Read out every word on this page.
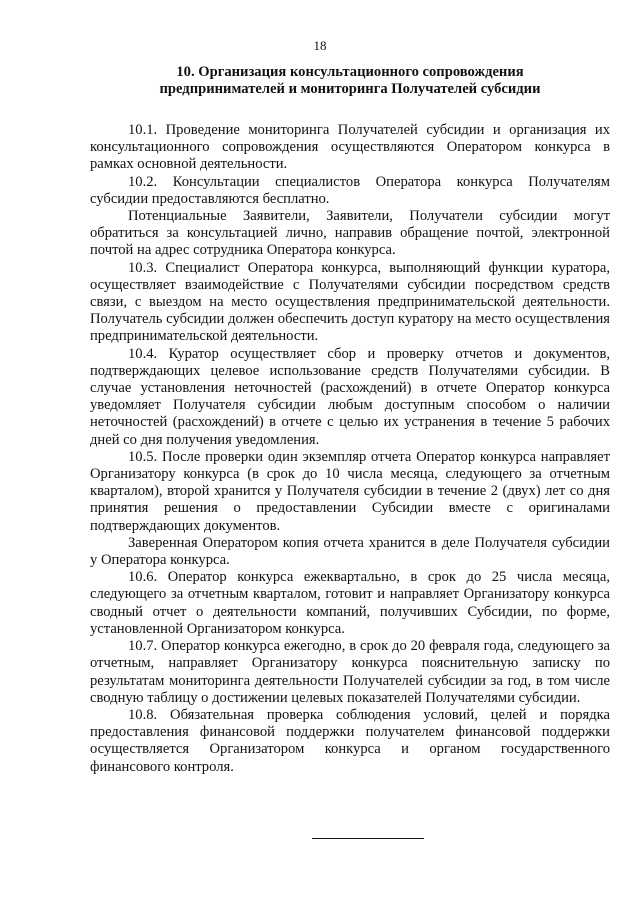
18
10. Организация консультационного сопровождения
предпринимателей и мониторинга Получателей субсидии

10.1. Проведение мониторинга Получателей субсидии и организация их консультационного сопровождения осуществляются Оператором конкурса в рамках основной деятельности.

10.2. Консультации специалистов Оператора конкурса Получателям субсидии предоставляются бесплатно.

Потенциальные Заявители, Заявители, Получатели субсидии могут обратиться за консультацией лично, направив обращение почтой, электронной почтой на адрес сотрудника Оператора конкурса.

10.3. Специалист Оператора конкурса, выполняющий функции куратора, осуществляет взаимодействие с Получателями субсидии посредством средств связи, с выездом на место осуществления предпринимательской деятельности. Получатель субсидии должен обеспечить доступ куратору на место осуществления предпринимательской деятельности.

10.4. Куратор осуществляет сбор и проверку отчетов и документов, подтверждающих целевое использование средств Получателями субсидии. В случае установления неточностей (расхождений) в отчете Оператор конкурса уведомляет Получателя субсидии любым доступным способом о наличии неточностей (расхождений) в отчете с целью их устранения в течение 5 рабочих дней со дня получения уведомления.

10.5. После проверки один экземпляр отчета Оператор конкурса направляет Организатору конкурса (в срок до 10 числа месяца, следующего за отчетным кварталом), второй хранится у Получателя субсидии в течение 2 (двух) лет со дня принятия решения о предоставлении Субсидии вместе с оригиналами подтверждающих документов.

Заверенная Оператором копия отчета хранится в деле Получателя субсидии у Оператора конкурса.

10.6. Оператор конкурса ежеквартально, в срок до 25 числа месяца, следующего за отчетным кварталом, готовит и направляет Организатору конкурса сводный отчет о деятельности компаний, получивших Субсидии, по форме, установленной Организатором конкурса.

10.7. Оператор конкурса ежегодно, в срок до 20 февраля года, следующего за отчетным, направляет Организатору конкурса пояснительную записку по результатам мониторинга деятельности Получателей субсидии за год, в том числе сводную таблицу о достижении целевых показателей Получателями субсидии.

10.8. Обязательная проверка соблюдения условий, целей и порядка предоставления финансовой поддержки получателем финансовой поддержки осуществляется Организатором конкурса и органом государственного финансового контроля.
